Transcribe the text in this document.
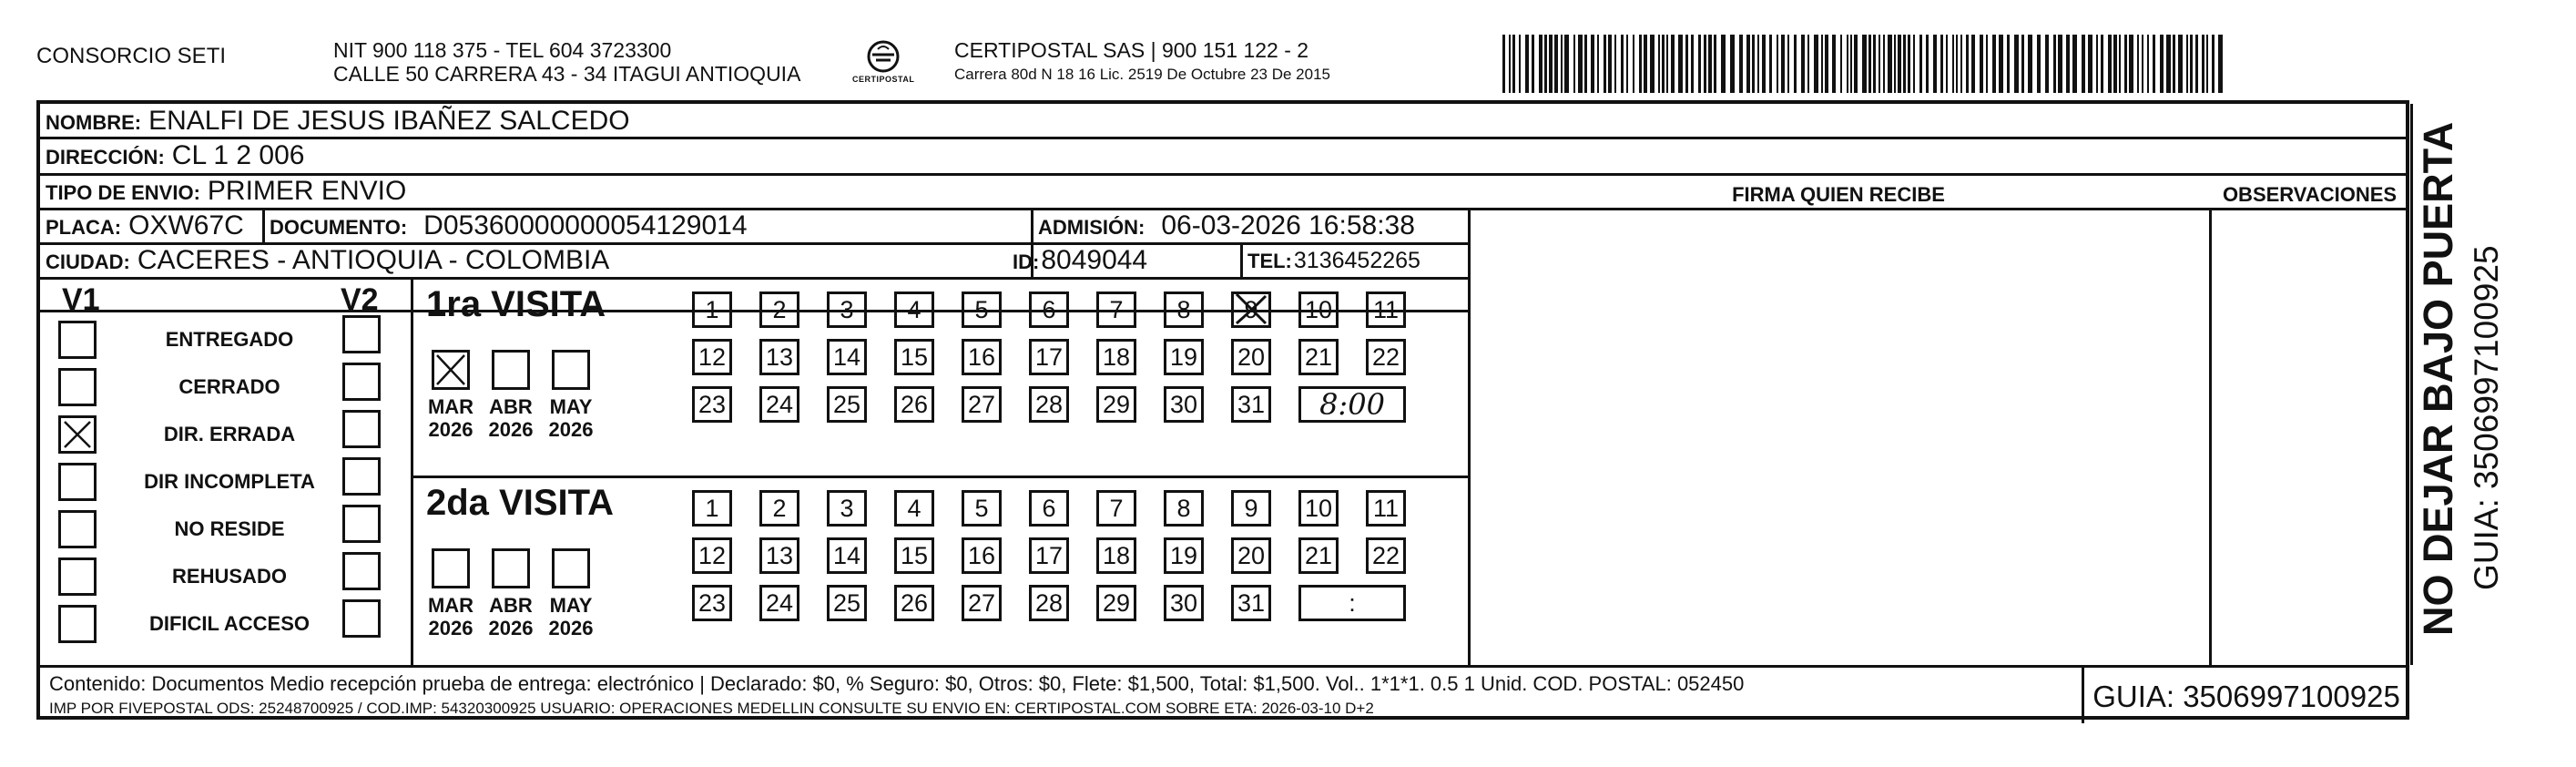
CONSORCIO SETI	NIT 900 118 375 - TEL 604 3723300
CALLE 50 CARRERA 43 - 34 ITAGUI ANTIOQUIA	CERTIPOSTAL
CERTIPOSTAL SAS | 900 151 122 - 2
Carrera 80d N 18 16 Lic. 2519 De Octubre 23 De 2015
FIRMA QUIEN RECIBE	OBSERVACIONES
NOMBRE: ENALFI DE JESUS IBAÑEZ SALCEDO
DIRECCIÓN: CL 1 2 006
TIPO DE ENVIO: PRIMER ENVIO
PLACA: OXW67C DOCUMENTO: D05360000000054129014	ADMISIÓN: 06-03-2026 16:58:38
CIUDAD: CACERES - ANTIOQUIA - COLOMBIA	ID: 8049044	TEL: 3136452265
V1	V2
ENTREGADO
CERRADO
DIR. ERRADA
DIR INCOMPLETA
NO RESIDE
REHUSADO
DIFICIL ACCESO
1ra VISITA
MAR
2026
ABR
2026
MAY
2026
1	2	3	4	5	6	7	8	9	10 11
12 13 14 15 16 17 18 19 20 21 22
23 24 25 26 27 28 29 30 31	8:00
2da VISITA
MAR
2026
ABR
2026
MAY
2026
1	2	3	4	5	6	7	8	9	10 11
12 13 14 15 16 17 18 19 20 21 22
23 24 25 26 27 28 29 30 31	:
Contenido: Documentos Medio recepción prueba de entrega: electrónico | Declarado: $0, % Seguro: $0, Otros: $0, Flete: $1,500, Total: $1,500. Vol.. 1*1*1. 0.5 1 Unid. COD. POSTAL: 052450
IMP POR FIVEPOSTAL ODS: 25248700925 / COD.IMP: 54320300925 USUARIO: OPERACIONES MEDELLIN CONSULTE SU ENVIO EN: CERTIPOSTAL.COM SOBRE ETA: 2026-03-10 D+2	GUIA: 3506997100925
NO DEJAR BAJO PUERTA GUIA: 3506997100925
